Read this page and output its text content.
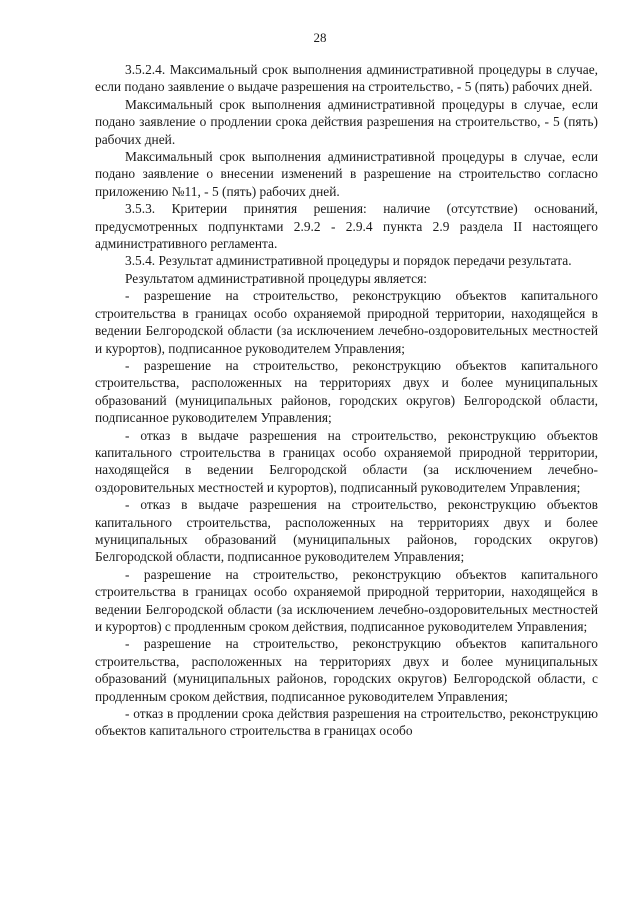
28

3.5.2.4. Максимальный срок выполнения административной процедуры в случае, если подано заявление о выдаче разрешения на строительство, - 5 (пять) рабочих дней.

Максимальный срок выполнения административной процедуры в случае, если подано заявление о продлении срока действия разрешения на строительство, - 5 (пять) рабочих дней.

Максимальный срок выполнения административной процедуры в случае, если подано заявление о внесении изменений в разрешение на строительство согласно приложению №11, - 5 (пять) рабочих дней.

3.5.3. Критерии принятия решения: наличие (отсутствие) оснований, предусмотренных подпунктами 2.9.2 - 2.9.4 пункта 2.9 раздела II настоящего административного регламента.

3.5.4. Результат административной процедуры и порядок передачи результата.

Результатом административной процедуры является:

- разрешение на строительство, реконструкцию объектов капитального строительства в границах особо охраняемой природной территории, находящейся в ведении Белгородской области (за исключением лечебно-оздоровительных местностей и курортов), подписанное руководителем Управления;

- разрешение на строительство, реконструкцию объектов капитального строительства, расположенных на территориях двух и более муниципальных образований (муниципальных районов, городских округов) Белгородской области, подписанное руководителем Управления;

- отказ в выдаче разрешения на строительство, реконструкцию объектов капитального строительства в границах особо охраняемой природной территории, находящейся в ведении Белгородской области (за исключением лечебно-оздоровительных местностей и курортов), подписанный руководителем Управления;

- отказ в выдаче разрешения на строительство, реконструкцию объектов капитального строительства, расположенных на территориях двух и более муниципальных образований (муниципальных районов, городских округов) Белгородской области, подписанное руководителем Управления;

- разрешение на строительство, реконструкцию объектов капитального строительства в границах особо охраняемой природной территории, находящейся в ведении Белгородской области (за исключением лечебно-оздоровительных местностей и курортов) с продленным сроком действия, подписанное руководителем Управления;

- разрешение на строительство, реконструкцию объектов капитального строительства, расположенных на территориях двух и более муниципальных образований (муниципальных районов, городских округов) Белгородской области, с продленным сроком действия, подписанное руководителем Управления;

- отказ в продлении срока действия разрешения на строительство, реконструкцию объектов капитального строительства в границах особо
